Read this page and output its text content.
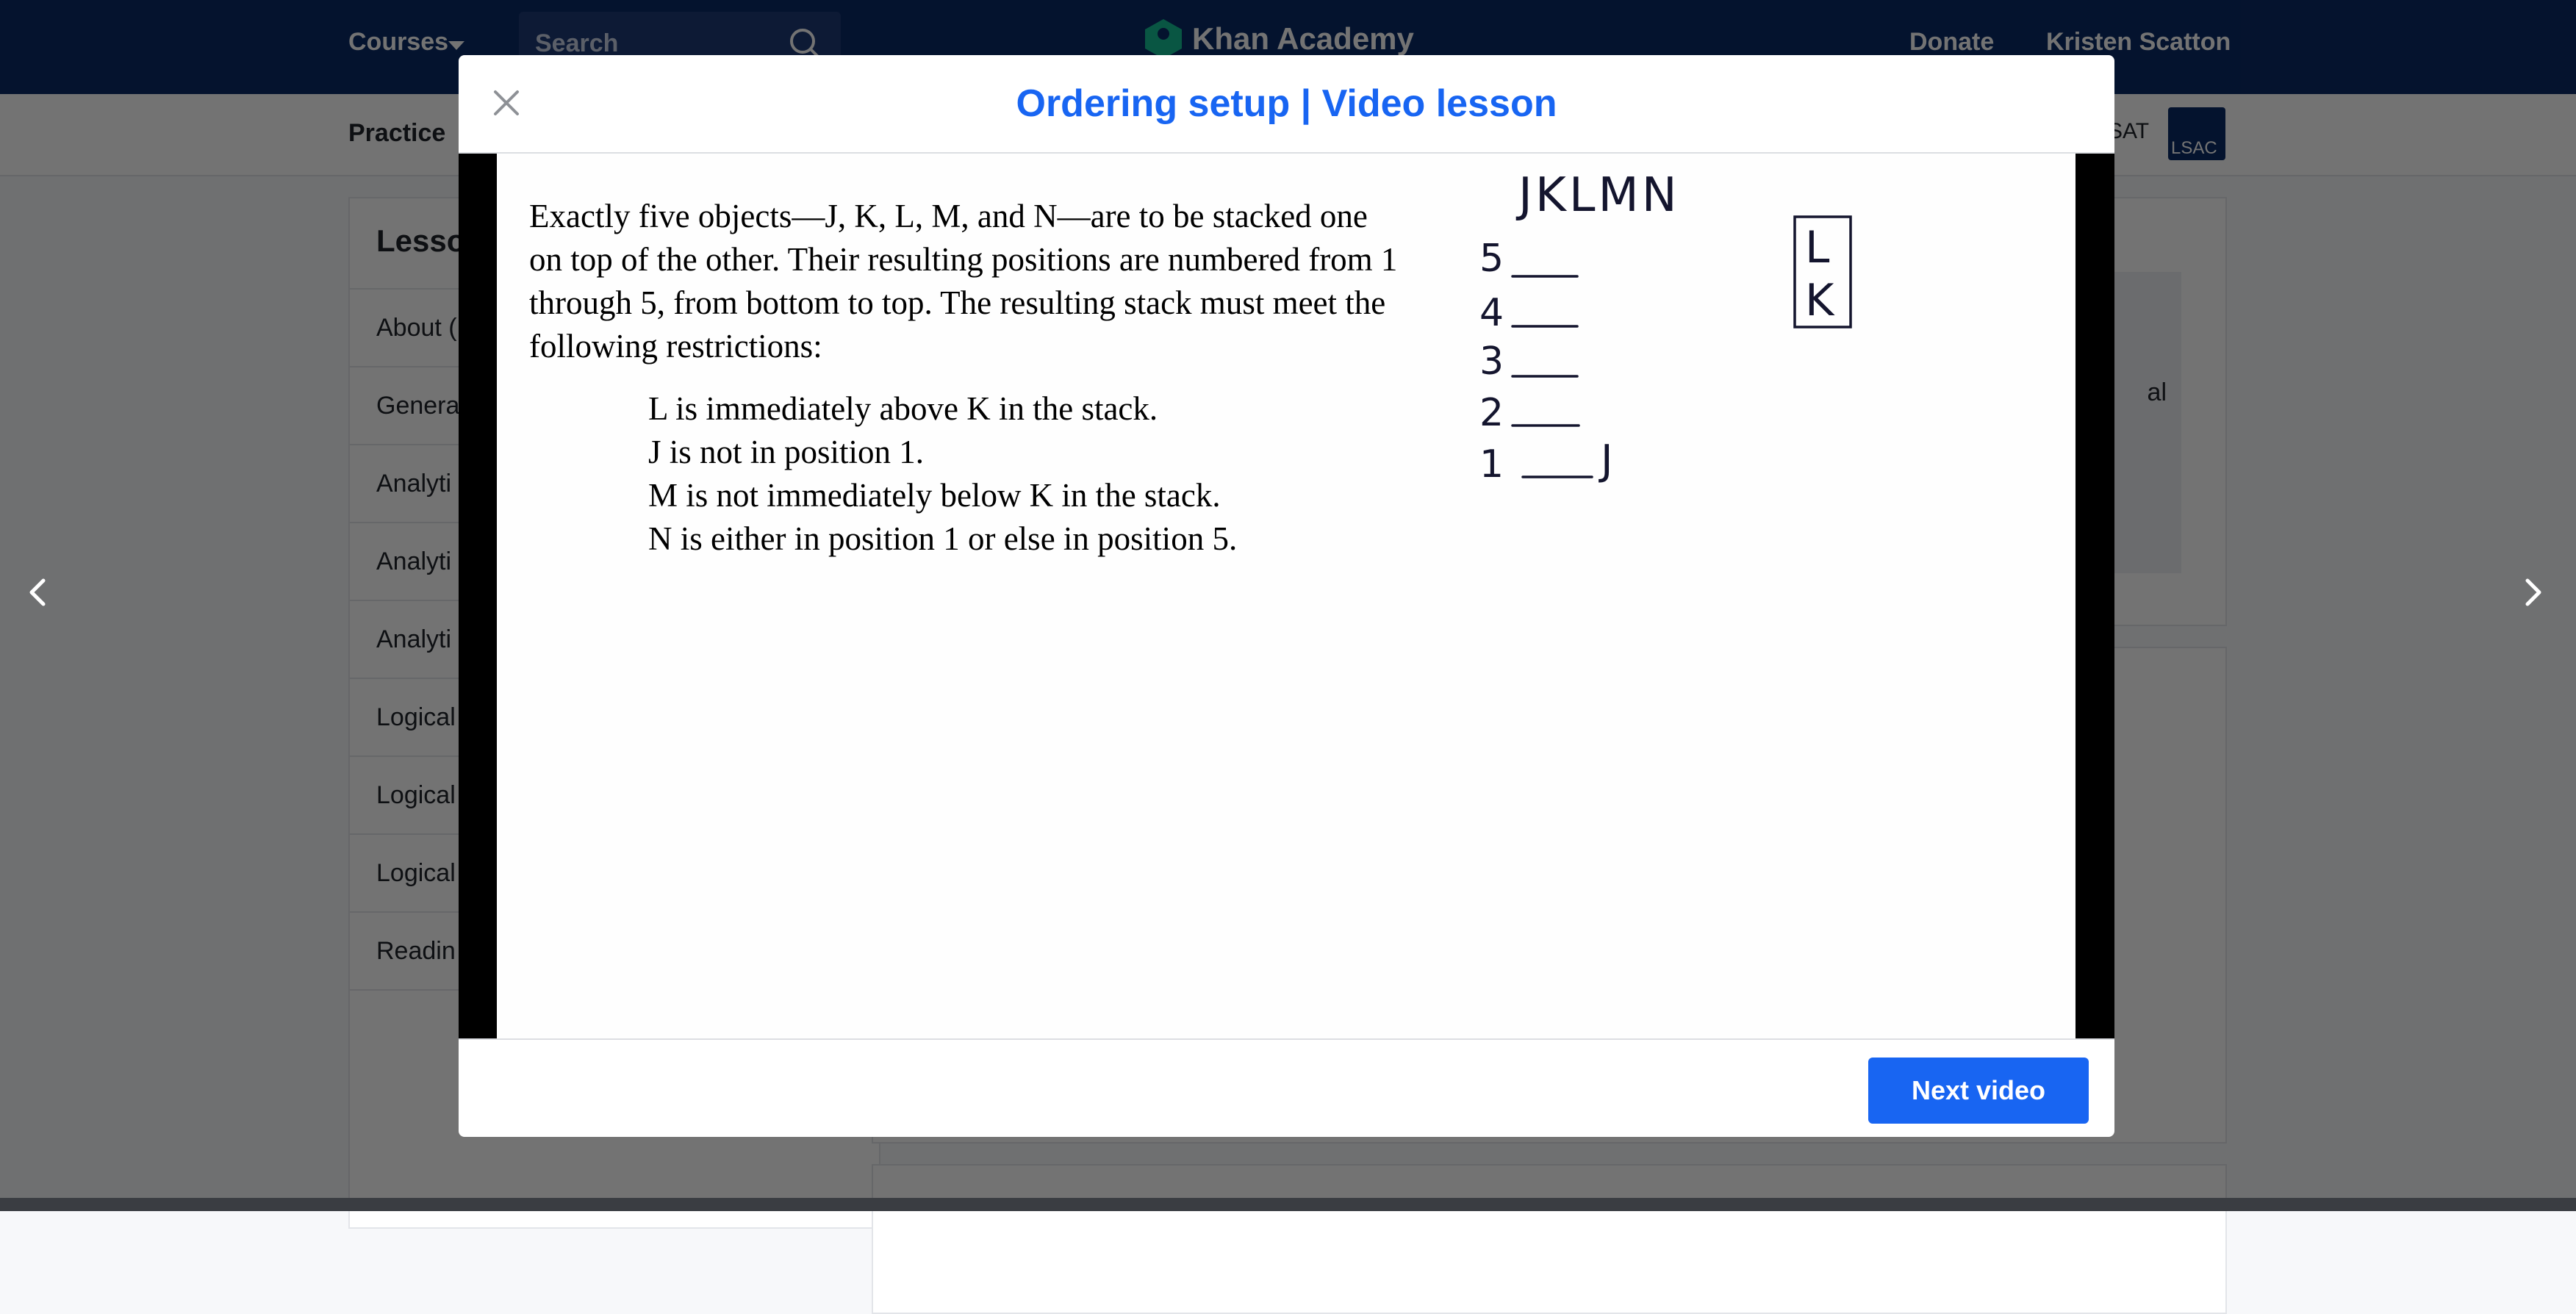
Ordering setup | Video lesson
Exactly five objects—J, K, L, M, and N—are to be stacked one on top of the other. Their resulting positions are numbered from 1 through 5, from bottom to top. The resulting stack must meet the following restrictions:
L is immediately above K in the stack.
J is not in position 1.
M is not immediately below K in the stack.
N is either in position 1 or else in position 5.
JKLMN
5
4
3
2
1 J
L
K
Next video
